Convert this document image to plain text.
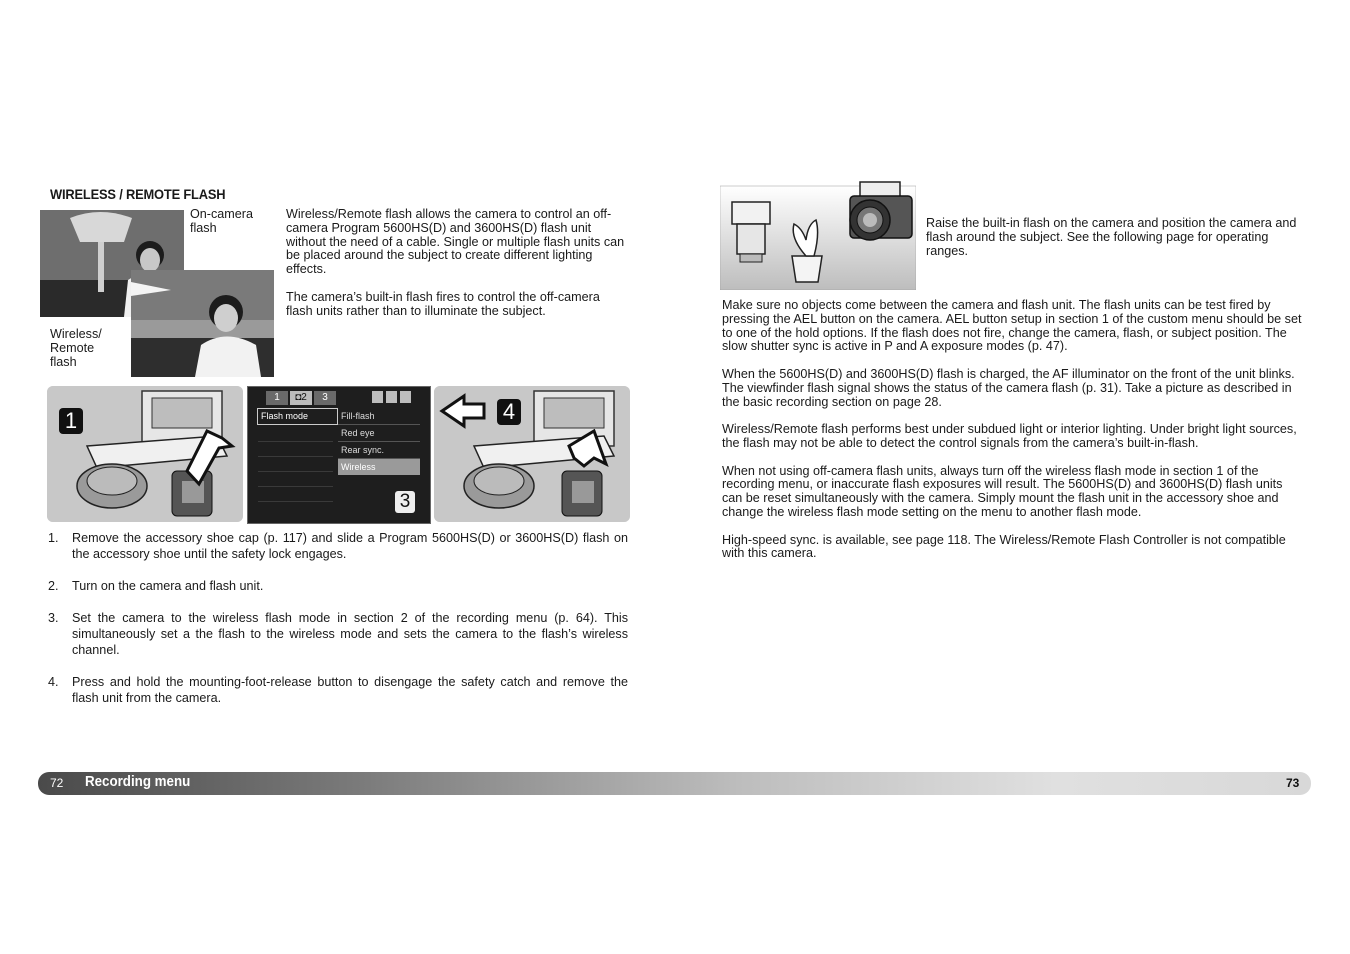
WIRELESS / REMOTE FLASH
On-camera
flash
Wireless/
Remote
flash

Wireless/Remote flash allows the camera to control an off-camera Program 5600HS(D) and 3600HS(D) flash unit without the need of a cable. Single or multiple flash units can be placed around the subject to create different lighting effects.

The camera’s built-in flash fires to control the off-camera flash units rather than to illuminate the subject.

1
1	◘2	3
Flash mode	Fill-flash
Red eye
Rear sync.
Wireless
3
4
1.	Remove the accessory shoe cap (p. 117) and slide a Program 5600HS(D) or 3600HS(D) flash on the accessory shoe until the safety lock engages.
2.	Turn on the camera and flash unit.
3.	Set the camera to the wireless flash mode in section 2 of the recording menu (p. 64). This simultaneously set a the flash to the wireless mode and sets the camera to the flash’s wireless channel.
4.	Press and hold the mounting-foot-release button to disengage the safety catch and remove the flash unit from the camera.
Raise the built-in flash on the camera and position the camera and flash around the subject. See the following page for operating ranges.

Make sure no objects come between the camera and flash unit. The flash units can be test fired by pressing the AEL button on the camera. AEL button setup in section 1 of the custom menu should be set to one of the hold options. If the flash does not fire, change the camera, flash, or subject position. The slow shutter sync is active in P and A exposure modes (p. 47).

When the 5600HS(D) and 3600HS(D) flash is charged, the AF illuminator on the front of the unit blinks. The viewfinder flash signal shows the status of the camera flash (p. 31). Take a picture as described in the basic recording section on page 28.

Wireless/Remote flash performs best under subdued light or interior lighting. Under bright light sources, the flash may not be able to detect the control signals from the camera’s built-in-flash.

When not using off-camera flash units, always turn off the wireless flash mode in section 1 of the recording menu, or inaccurate flash exposures will result. The 5600HS(D) and 3600HS(D) flash units can be reset simultaneously with the camera. Simply mount the flash unit in the accessory shoe and change the wireless flash mode setting on the menu to another flash mode.

High-speed sync. is available, see page 118. The Wireless/Remote Flash Controller is not compatible with this camera.

72 Recording menu	73
